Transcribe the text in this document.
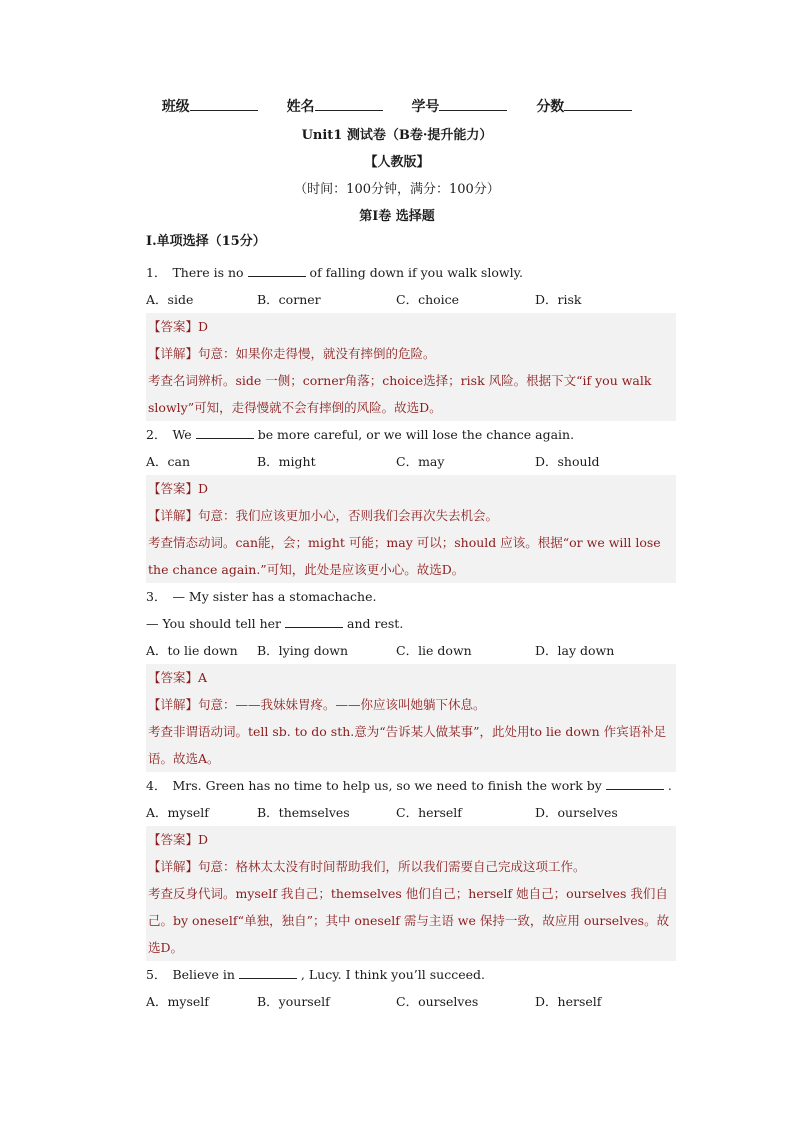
班级	姓名	学号	分数
Unit1 测试卷（B卷·提升能力）
【人教版】
（时间：100分钟，满分：100分）
第Ⅰ卷 选择题
Ⅰ.单项选择（15分）
1． There is no	of falling down if you walk slowly.
A．side	B．corner	C．choice	D．risk
【答案】D
【详解】句意：如果你走得慢，就没有摔倒的危险。
考查名词辨析。side 一侧；corner角落；choice选择；risk 风险。根据下文“if you walk slowly”可知，走得慢就不会有摔倒的风险。故选D。
2． We	be more careful, or we will lose the chance again.
A．can	B．might	C．may	D．should
【答案】D
【详解】句意：我们应该更加小心，否则我们会再次失去机会。
考查情态动词。can能，会；might 可能；may 可以；should 应该。根据“or we will lose the chance again.”可知，此处是应该更小心。故选D。
3． — My sister has a stomachache.
— You should tell her	and rest.
A．to lie down B．lying down	C．lie down	D．lay down
【答案】A
【详解】句意：——我妹妹胃疼。——你应该叫她躺下休息。
考查非谓语动词。tell sb. to do sth.意为“告诉某人做某事”，此处用to lie down 作宾语补足语。故选A。
4． Mrs. Green has no time to help us, so we need to finish the work by	.
A．myself	B．themselves	C．herself	D．ourselves
【答案】D
【详解】句意：格林太太没有时间帮助我们，所以我们需要自己完成这项工作。
考查反身代词。myself 我自己；themselves 他们自己；herself 她自己；ourselves 我们自己。by oneself“单独，独自”；其中 oneself 需与主语 we 保持一致，故应用 ourselves。故选D。
5． Believe in	, Lucy. I think you’ll succeed.
A．myself	B．yourself	C．ourselves	D．herself
